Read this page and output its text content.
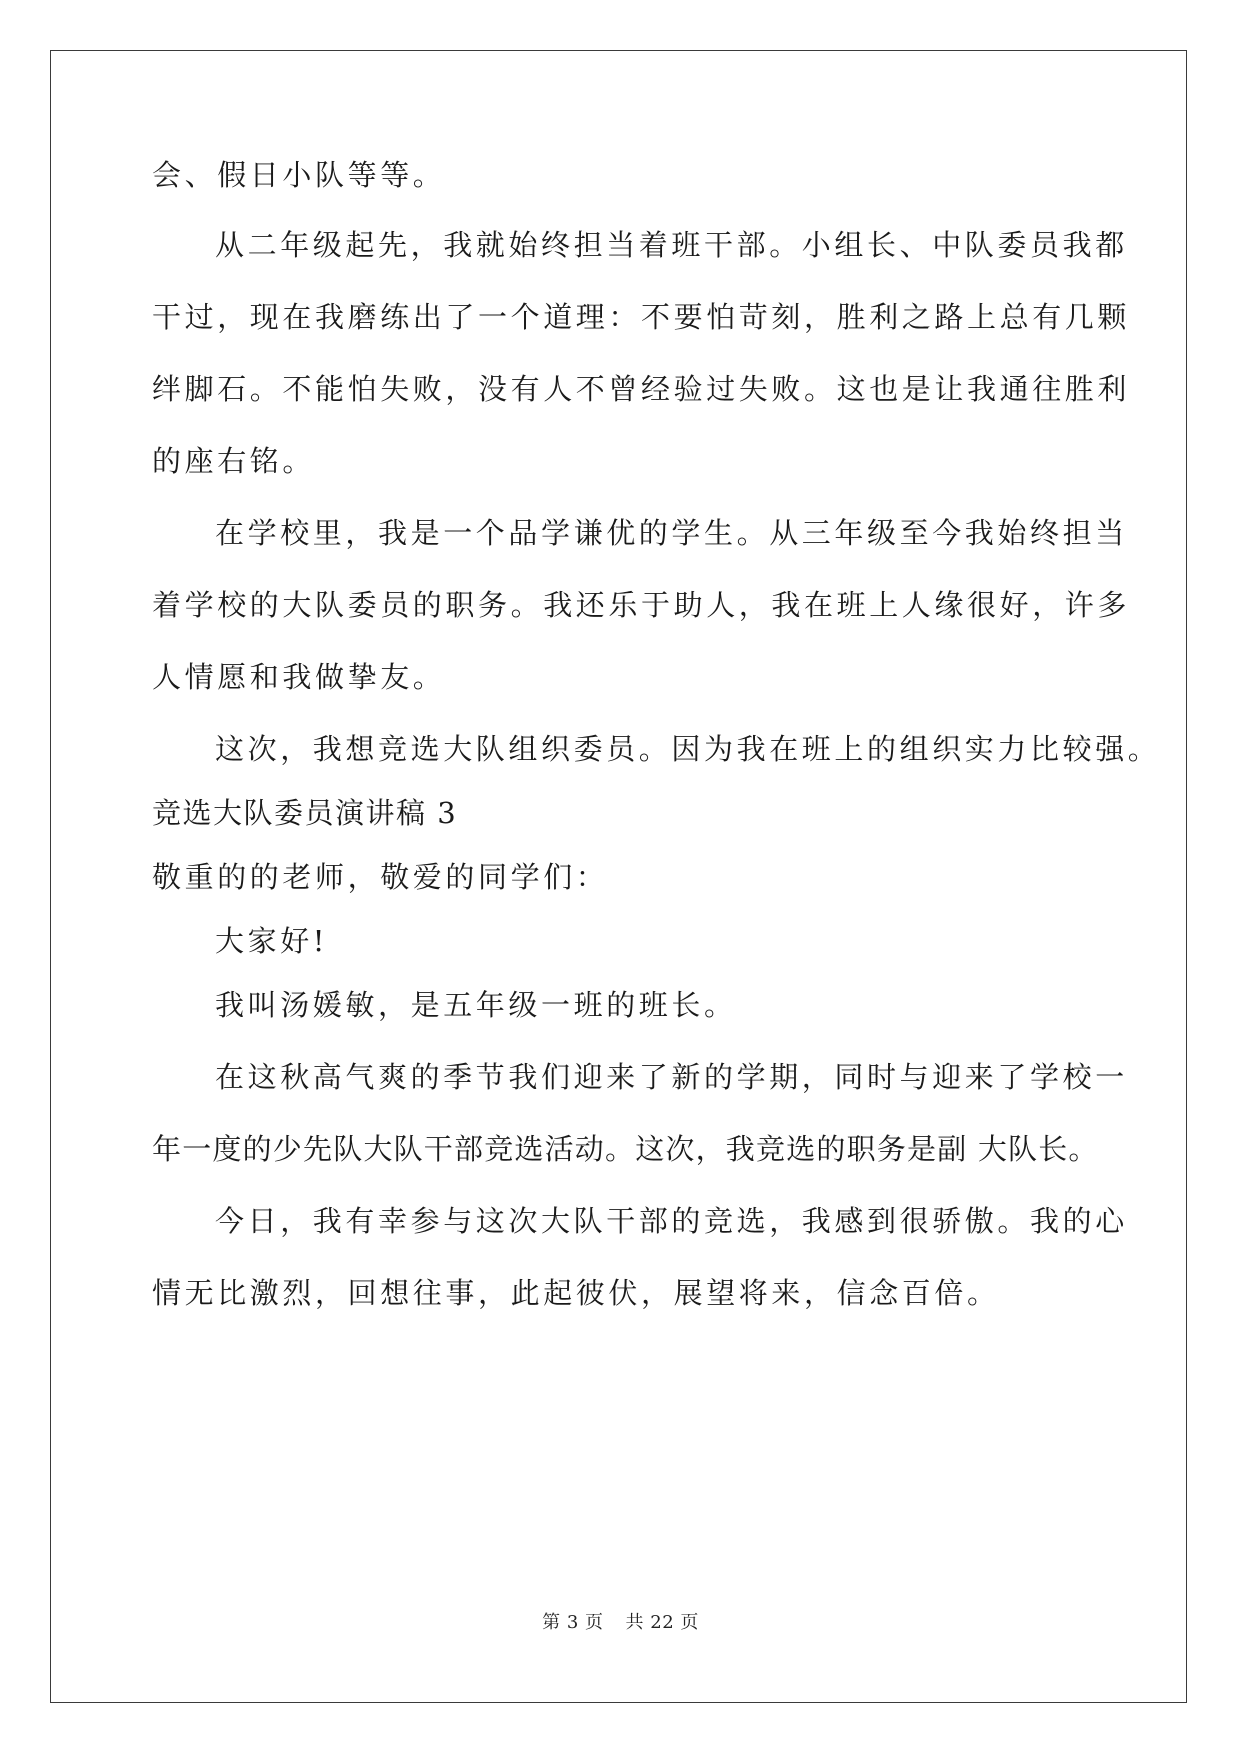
会、假日小队等等。
从二年级起先，我就始终担当着班干部。小组长、中队委员我都
干过，现在我磨练出了一个道理：不要怕苛刻，胜利之路上总有几颗
绊脚石。不能怕失败，没有人不曾经验过失败。这也是让我通往胜利
的座右铭。
在学校里，我是一个品学谦优的学生。从三年级至今我始终担当
着学校的大队委员的职务。我还乐于助人，我在班上人缘很好，许多
人情愿和我做挚友。
这次，我想竞选大队组织委员。因为我在班上的组织实力比较强。
竞选大队委员演讲稿 3
敬重的的老师，敬爱的同学们：
大家好!
我叫汤媛敏，是五年级一班的班长。
在这秋高气爽的季节我们迎来了新的学期，同时与迎来了学校一
年一度的少先队大队干部竞选活动。这次，我竞选的职务是副 大队长。
今日，我有幸参与这次大队干部的竞选，我感到很骄傲。我的心
情无比激烈，回想往事，此起彼伏，展望将来，信念百倍。
第 3 页 共 22 页
